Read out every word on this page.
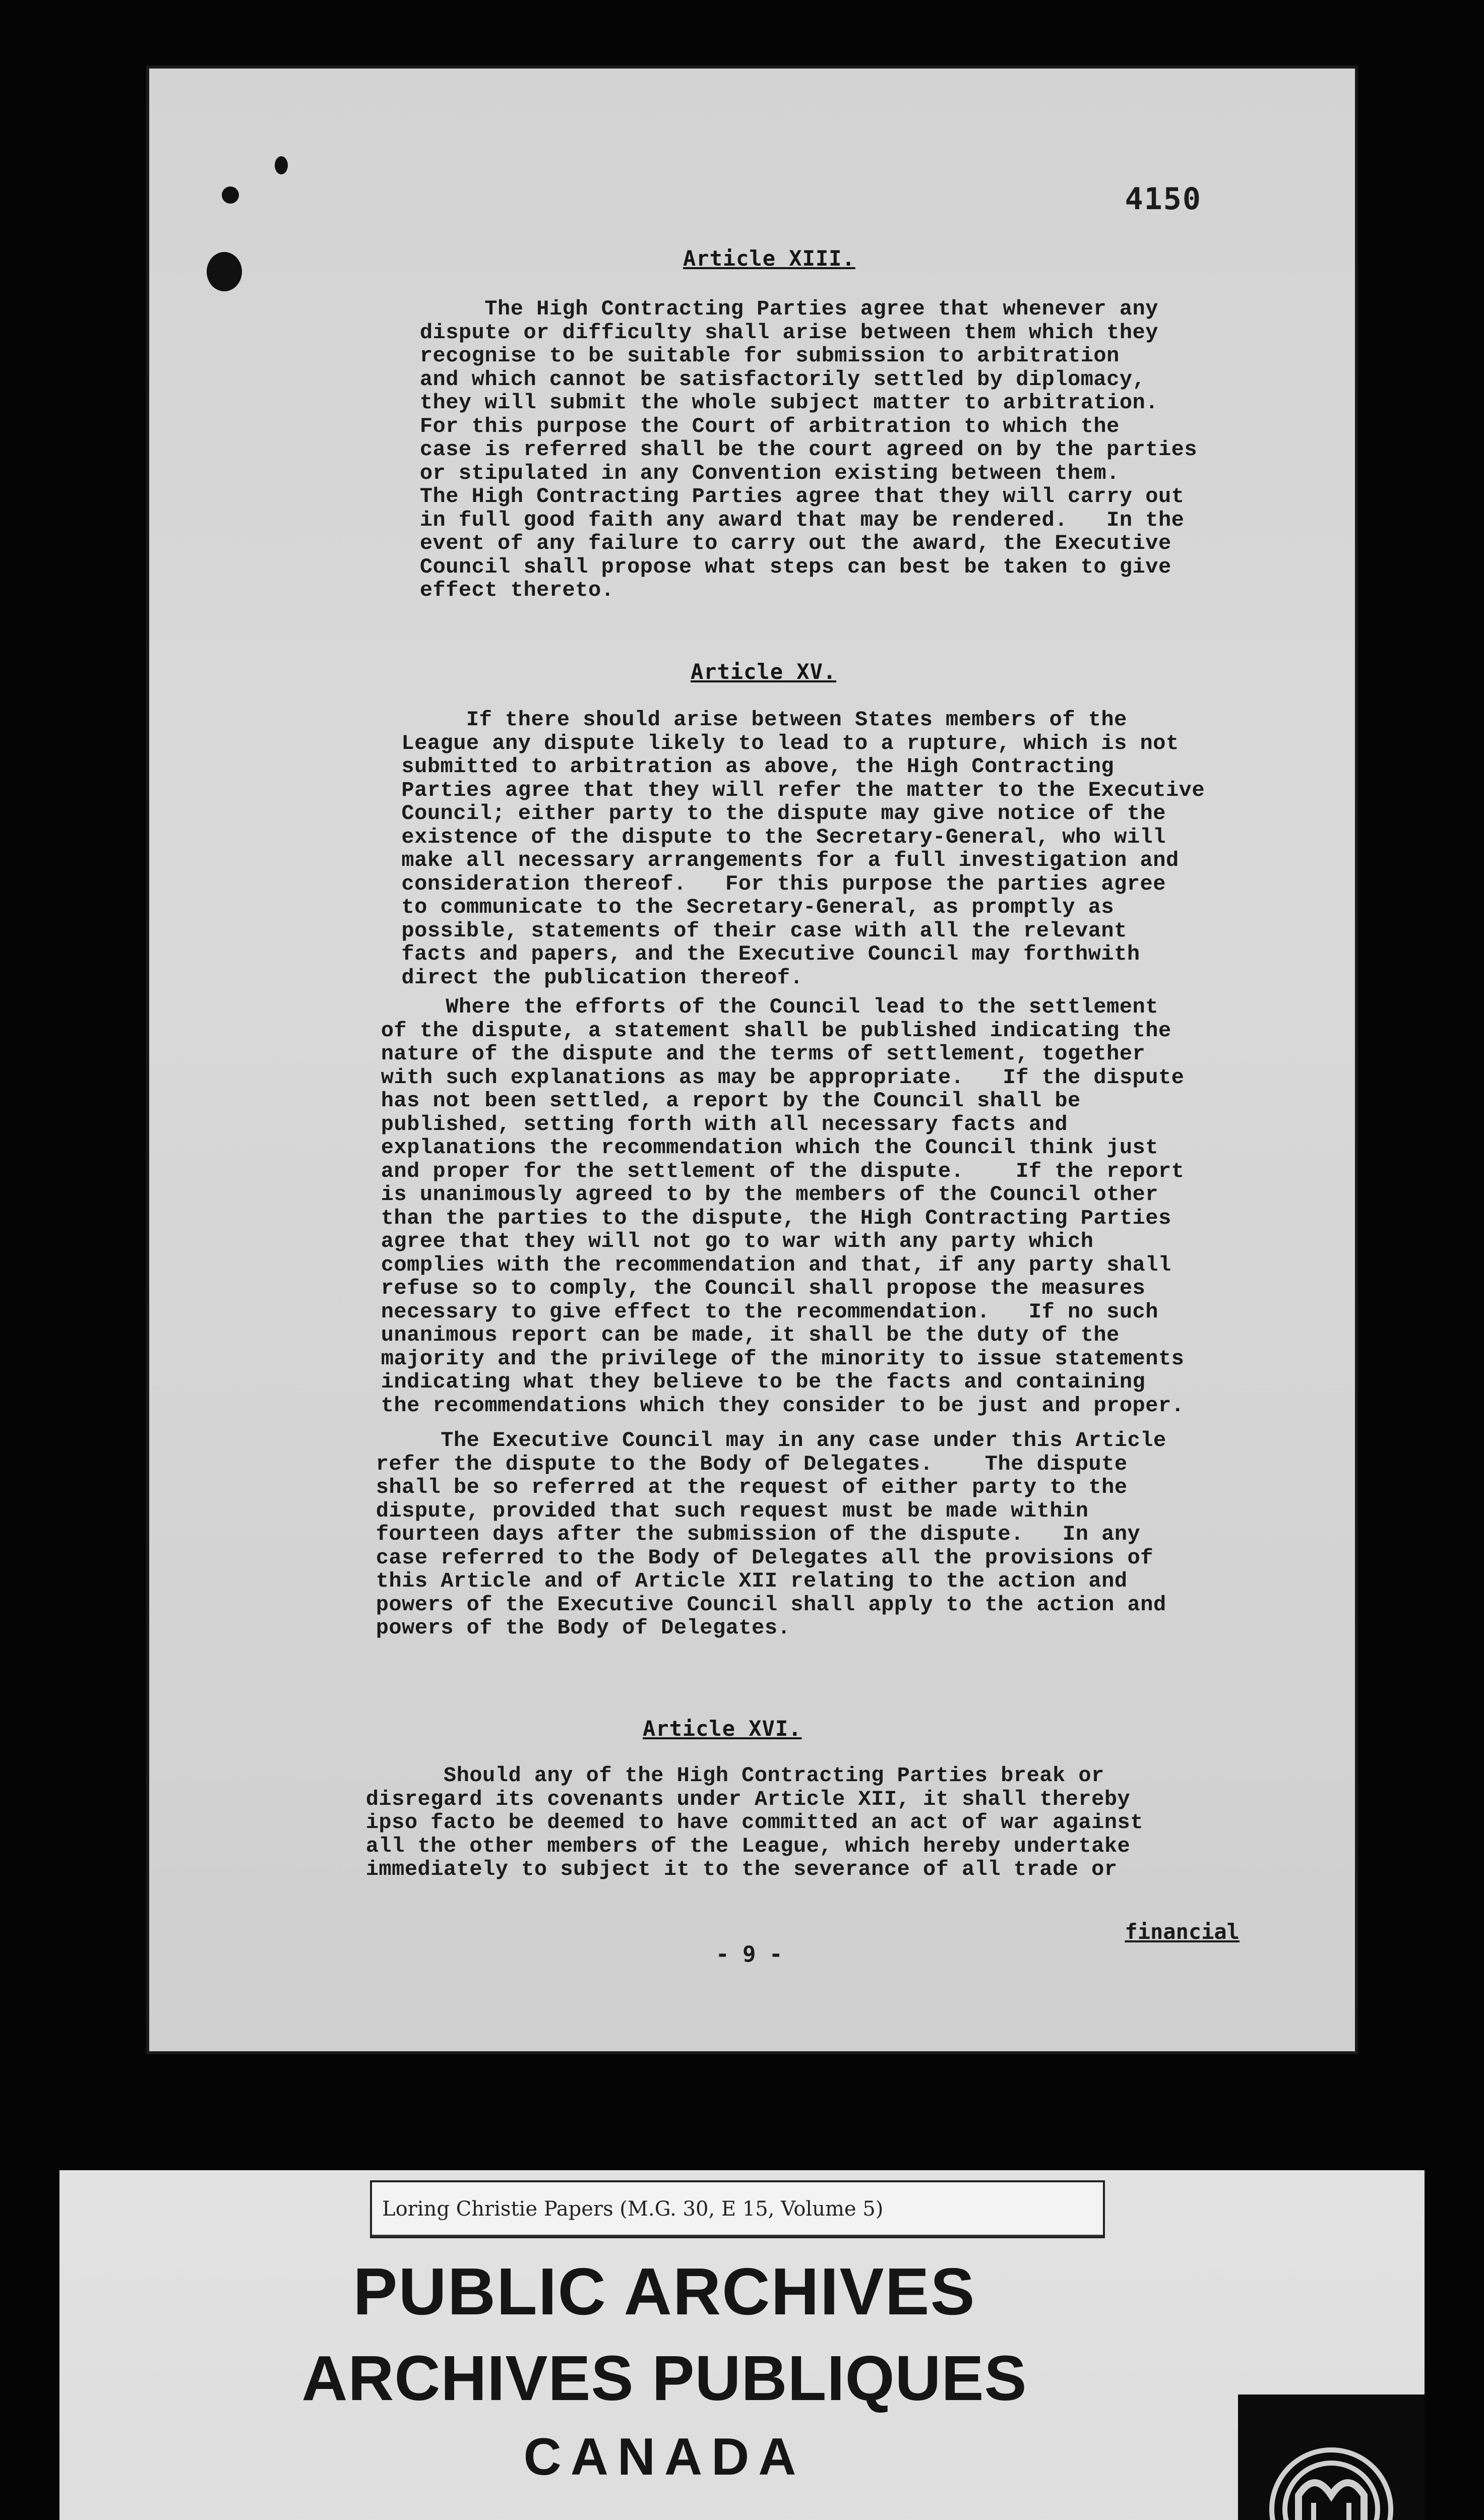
4150
Article XIII.
The High Contracting Parties agree that whenever any
dispute or difficulty shall arise between them which they
recognise to be suitable for submission to arbitration
and which cannot be satisfactorily settled by diplomacy,
they will submit the whole subject matter to arbitration.
For this purpose the Court of arbitration to which the
case is referred shall be the court agreed on by the parties
or stipulated in any Convention existing between them.
The High Contracting Parties agree that they will carry out
in full good faith any award that may be rendered.   In the
event of any failure to carry out the award, the Executive
Council shall propose what steps can best be taken to give
effect thereto.
Article XV.
If there should arise between States members of the
League any dispute likely to lead to a rupture, which is not
submitted to arbitration as above, the High Contracting
Parties agree that they will refer the matter to the Executive
Council; either party to the dispute may give notice of the
existence of the dispute to the Secretary-General, who will
make all necessary arrangements for a full investigation and
consideration thereof.   For this purpose the parties agree
to communicate to the Secretary-General, as promptly as
possible, statements of their case with all the relevant
facts and papers, and the Executive Council may forthwith
direct the publication thereof.
Where the efforts of the Council lead to the settlement
of the dispute, a statement shall be published indicating the
nature of the dispute and the terms of settlement, together
with such explanations as may be appropriate.   If the dispute
has not been settled, a report by the Council shall be
published, setting forth with all necessary facts and
explanations the recommendation which the Council think just
and proper for the settlement of the dispute.    If the report
is unanimously agreed to by the members of the Council other
than the parties to the dispute, the High Contracting Parties
agree that they will not go to war with any party which
complies with the recommendation and that, if any party shall
refuse so to comply, the Council shall propose the measures
necessary to give effect to the recommendation.   If no such
unanimous report can be made, it shall be the duty of the
majority and the privilege of the minority to issue statements
indicating what they believe to be the facts and containing
the recommendations which they consider to be just and proper.
The Executive Council may in any case under this Article
refer the dispute to the Body of Delegates.    The dispute
shall be so referred at the request of either party to the
dispute, provided that such request must be made within
fourteen days after the submission of the dispute.   In any
case referred to the Body of Delegates all the provisions of
this Article and of Article XII relating to the action and
powers of the Executive Council shall apply to the action and
powers of the Body of Delegates.
Article XVI.
Should any of the High Contracting Parties break or
disregard its covenants under Article XII, it shall thereby
ipso facto be deemed to have committed an act of war against
all the other members of the League, which hereby undertake
immediately to subject it to the severance of all trade or
- 9 -
financial
Loring Christie Papers (M.G. 30, E 15, Volume 5)
PUBLIC ARCHIVES
ARCHIVES PUBLIQUES
CANADA
